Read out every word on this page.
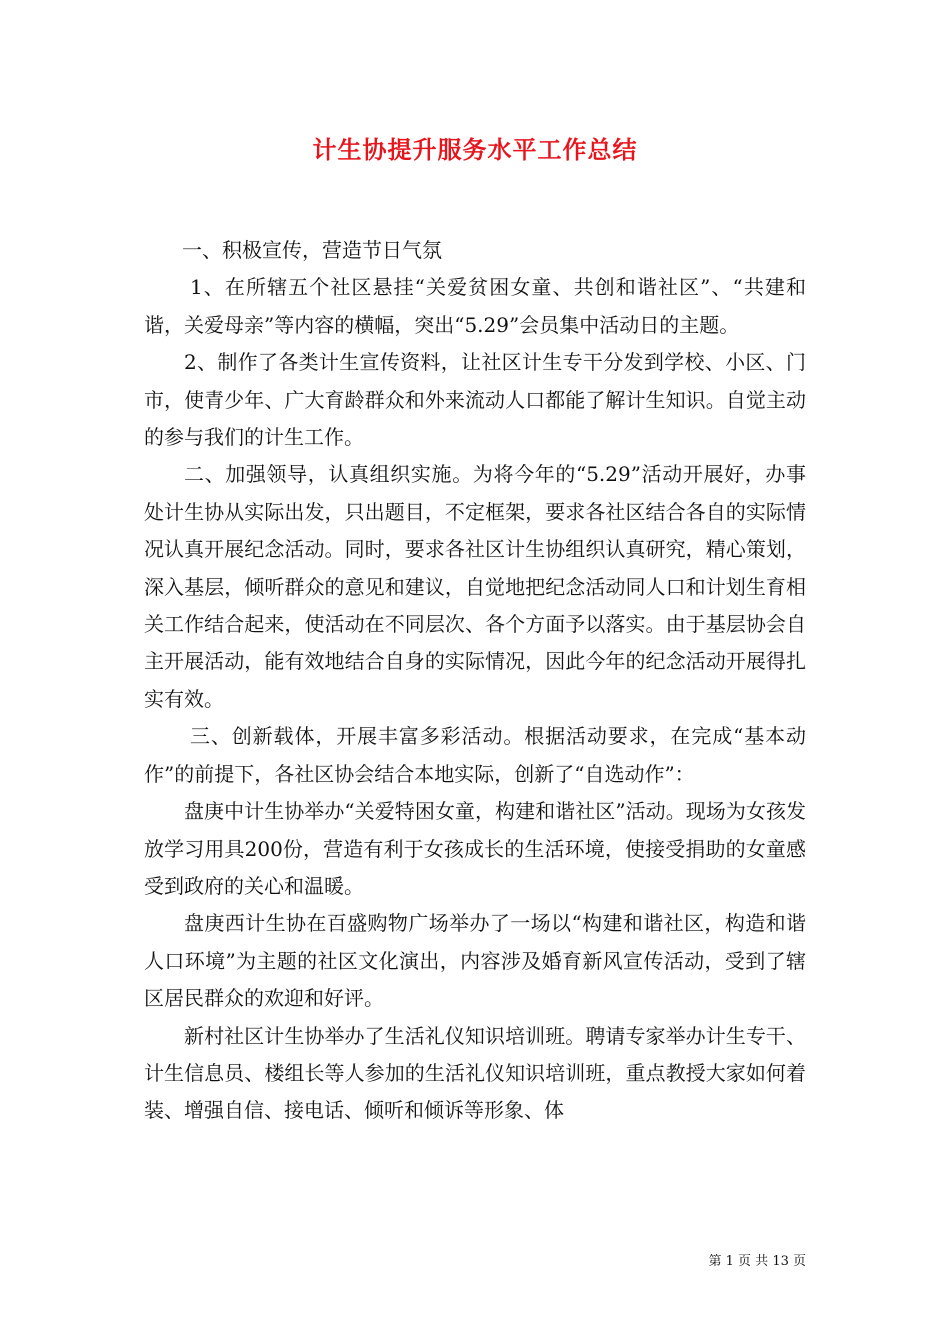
计生协提升服务水平工作总结

一、积极宣传，营造节日气氛

1、在所辖五个社区悬挂“关爱贫困女童、共创和谐社区”、“共建和谐，关爱母亲”等内容的横幅，突出“5.29”会员集中活动日的主题。

2、制作了各类计生宣传资料，让社区计生专干分发到学校、小区、门市，使青少年、广大育龄群众和外来流动人口都能了解计生知识。自觉主动的参与我们的计生工作。

二、加强领导，认真组织实施。为将今年的“5.29”活动开展好，办事处计生协从实际出发，只出题目，不定框架，要求各社区结合各自的实际情况认真开展纪念活动。同时，要求各社区计生协组织认真研究，精心策划，深入基层，倾听群众的意见和建议，自觉地把纪念活动同人口和计划生育相关工作结合起来，使活动在不同层次、各个方面予以落实。由于基层协会自主开展活动，能有效地结合自身的实际情况，因此今年的纪念活动开展得扎实有效。

三、创新载体，开展丰富多彩活动。根据活动要求，在完成“基本动作”的前提下，各社区协会结合本地实际，创新了“自选动作”：

盘庚中计生协举办“关爱特困女童，构建和谐社区”活动。现场为女孩发放学习用具200份，营造有利于女孩成长的生活环境，使接受捐助的女童感受到政府的关心和温暖。

盘庚西计生协在百盛购物广场举办了一场以“构建和谐社区，构造和谐人口环境”为主题的社区文化演出，内容涉及婚育新风宣传活动，受到了辖区居民群众的欢迎和好评。

新村社区计生协举办了生活礼仪知识培训班。聘请专家举办计生专干、计生信息员、楼组长等人参加的生活礼仪知识培训班，重点教授大家如何着装、增强自信、接电话、倾听和倾诉等形象、体

第 1 页 共 13 页
